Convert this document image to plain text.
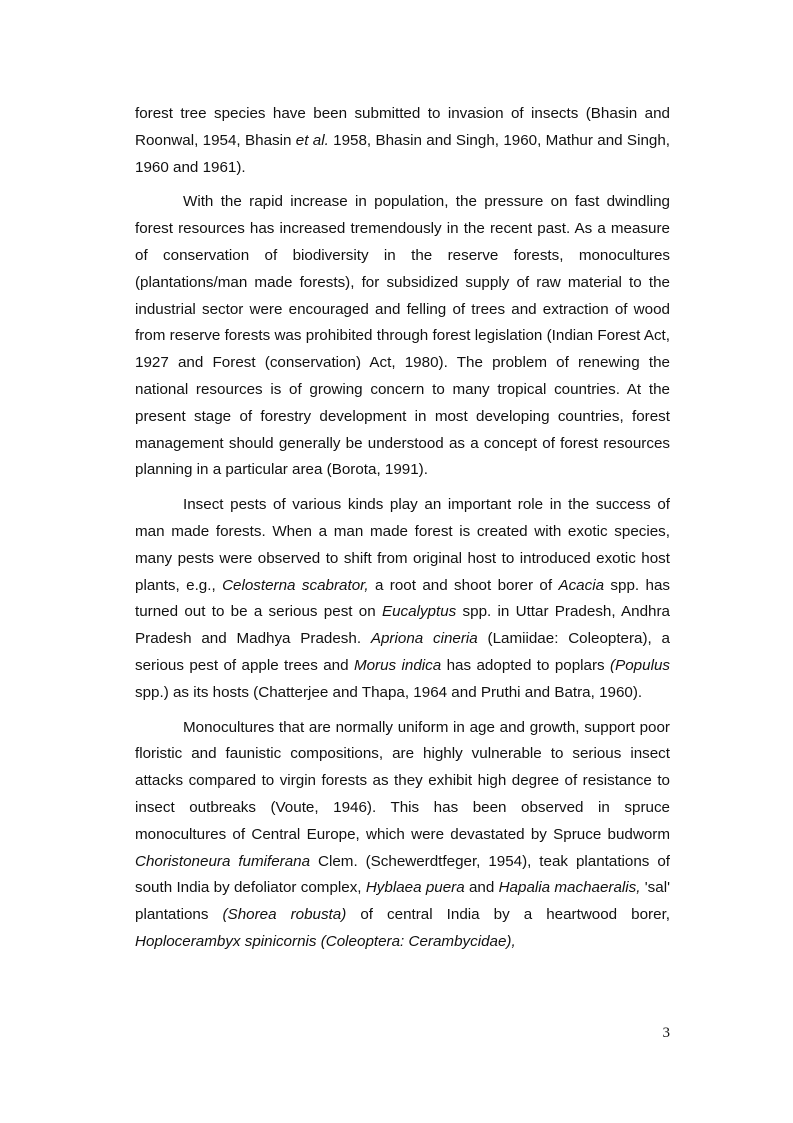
forest tree species have been submitted to invasion of insects (Bhasin and Roonwal, 1954, Bhasin et al. 1958, Bhasin and Singh, 1960, Mathur and Singh, 1960 and 1961).

With the rapid increase in population, the pressure on fast dwindling forest resources has increased tremendously in the recent past. As a measure of conservation of biodiversity in the reserve forests, monocultures (plantations/man made forests), for subsidized supply of raw material to the industrial sector were encouraged and felling of trees and extraction of wood from reserve forests was prohibited through forest legislation (Indian Forest Act, 1927 and Forest (conservation) Act, 1980). The problem of renewing the national resources is of growing concern to many tropical countries. At the present stage of forestry development in most developing countries, forest management should generally be understood as a concept of forest resources planning in a particular area (Borota, 1991).

Insect pests of various kinds play an important role in the success of man made forests. When a man made forest is created with exotic species, many pests were observed to shift from original host to introduced exotic host plants, e.g., Celosterna scabrator, a root and shoot borer of Acacia spp. has turned out to be a serious pest on Eucalyptus spp. in Uttar Pradesh, Andhra Pradesh and Madhya Pradesh. Apriona cineria (Lamiidae: Coleoptera), a serious pest of apple trees and Morus indica has adopted to poplars (Populus spp.) as its hosts (Chatterjee and Thapa, 1964 and Pruthi and Batra, 1960).

Monocultures that are normally uniform in age and growth, support poor floristic and faunistic compositions, are highly vulnerable to serious insect attacks compared to virgin forests as they exhibit high degree of resistance to insect outbreaks (Voute, 1946). This has been observed in spruce monocultures of Central Europe, which were devastated by Spruce budworm Choristoneura fumiferana Clem. (Schewerdtfeger, 1954), teak plantations of south India by defoliator complex, Hyblaea puera and Hapalia machaeralis, 'sal' plantations (Shorea robusta) of central India by a heartwood borer, Hoplocerambyx spinicornis (Coleoptera: Cerambycidae),

3
